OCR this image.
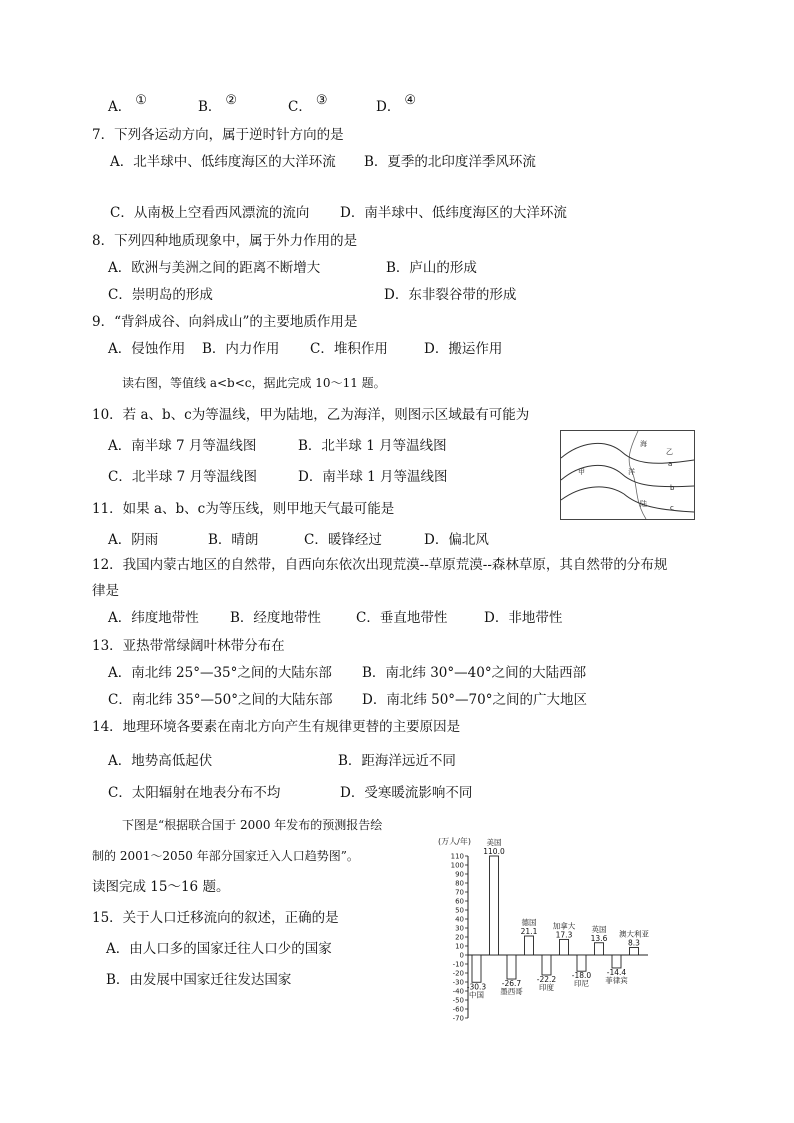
A． ①	B． ②	C． ③	D． ④
7．下列各运动方向，属于逆时针方向的是
A．北半球中、低纬度海区的大洋环流 B．夏季的北印度洋季风环流
C．从南极上空看西风漂流的流向 D．南半球中、低纬度海区的大洋环流
8．下列四种地质现象中，属于外力作用的是
A．欧洲与美洲之间的距离不断增大	B．庐山的形成
C．崇明岛的形成	D．东非裂谷带的形成
9．“背斜成谷、向斜成山”的主要地质作用是
A．侵蚀作用 B．内力作用 C．堆积作用	D．搬运作用
读右图，等值线 a<b<c，据此完成 10～11 题。
10．若 a、b、c为等温线，甲为陆地，乙为海洋，则图示区域最有可能为
A．南半球 7 月等温线图	B．北半球 1 月等温线图
C．北半球 7 月等温线图	D．南半球 1 月等温线图
海
乙
a
洋
甲
b
陆	c
11．如果 a、b、c为等压线，则甲地天气最可能是
A．阴雨	B．晴朗	C．暖锋经过	D．偏北风
12．我国内蒙古地区的自然带，自西向东依次出现荒漠--草原荒漠--森林草原，其自然带的分布规
律是
A．纬度地带性 B．经度地带性	C．垂直地带性	D．非地带性
13．亚热带常绿阔叶林带分布在
A．南北纬 25°—35°之间的大陆东部 B．南北纬 30°—40°之间的大陆西部
C．南北纬 35°—50°之间的大陆东部 D．南北纬 50°—70°之间的广大地区
14．地理环境各要素在南北方向产生有规律更替的主要原因是
A．地势高低起伏	B．距海洋远近不同
C．太阳辐射在地表分布不均	D．受寒暖流影响不同
下图是“根据联合国于 2000 年发布的预测报告绘
制的 2001～2050 年部分国家迁入人口趋势图”。
读图完成 15～16 题。
15．关于人口迁移流向的叙述，正确的是
A．由人口多的国家迁往人口少的国家
B．由发展中国家迁往发达国家
(万人/年)
110
100
90
80
70
60
50
40
30
20
10
0
-10
-20
-30
-40
-50
-60
-70
中国
-30.3
美国
110.0
墨西哥
-26.7
德国
21.1
印度
-22.2
加拿大
17.3
印尼
-18.0
英国
13.6
菲律宾
-14.4
澳大利亚
8.3
